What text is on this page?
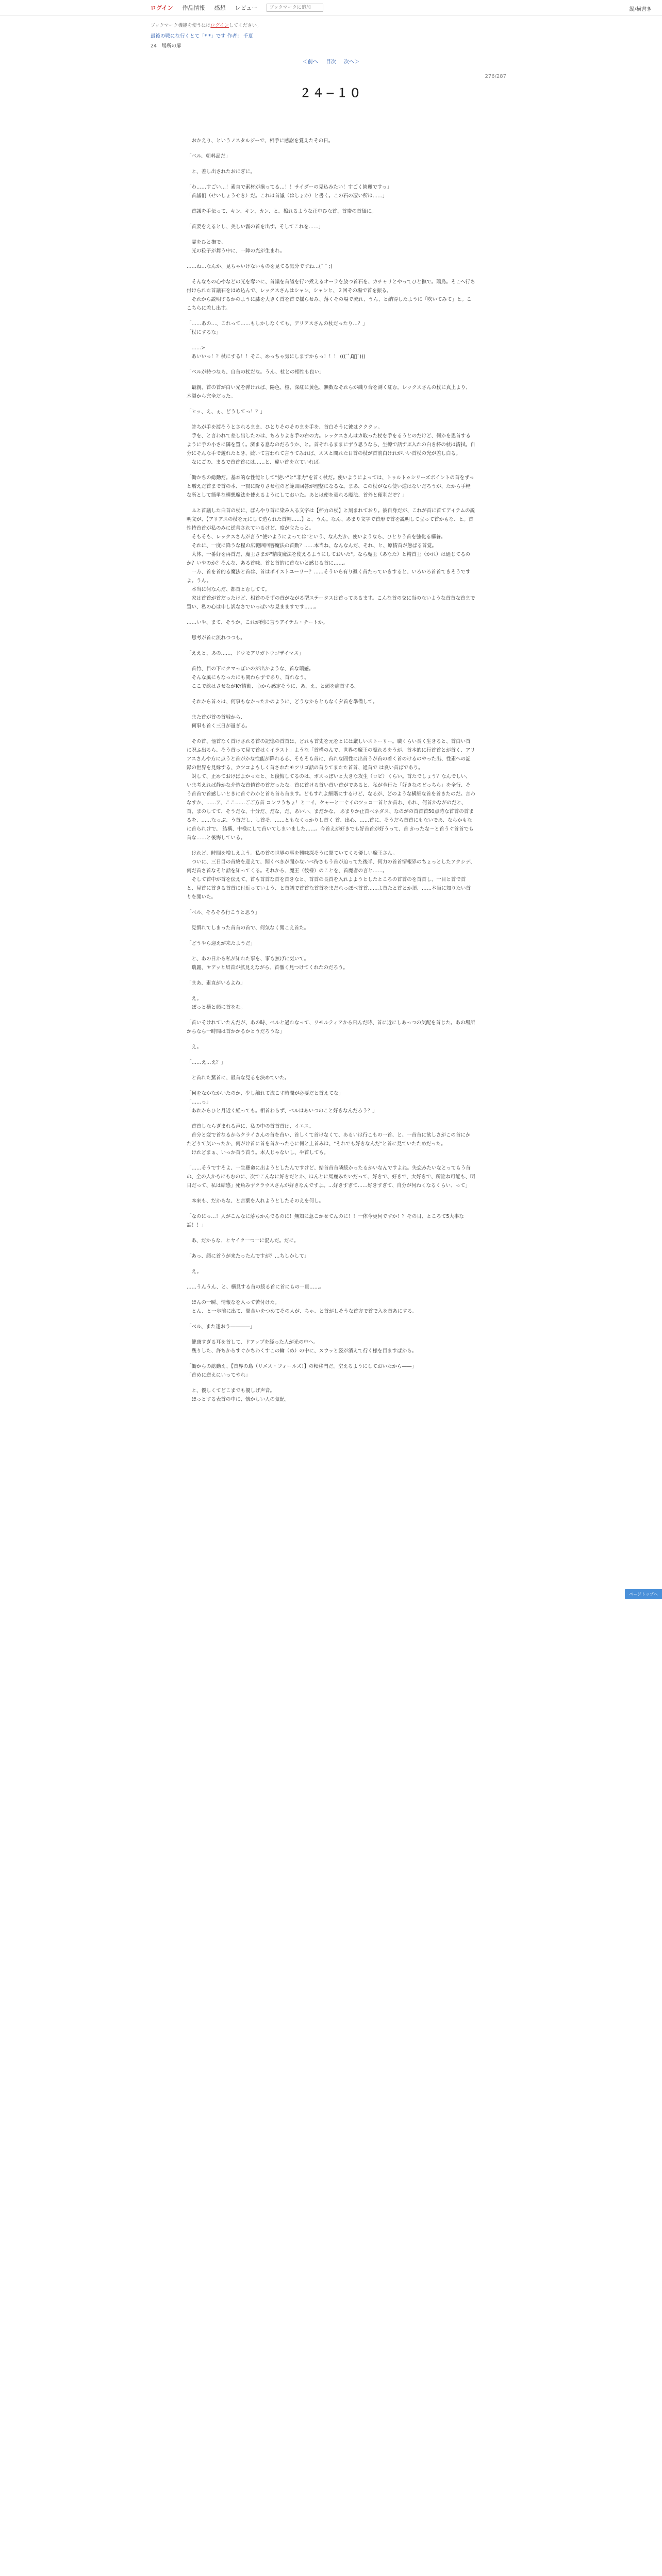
ログイン 作品情報 感想 レビュー
ブックマークに追加	縦/横書き
ブックマーク機能を使うにはログインしてください。
最後の戦にな行くとて「* *」です 作者： 千夏
24　場所の扉
＜前へ 目次 次へ＞
２４−１０
276/287

　おかえり、というノスタルジーで、相手に感謝を覚えたその日。

「ベル、朝料品だ」

　と、差し出されたおにぎに。

「わ……すごい…！素直で素材が揃ってる…！！サイダーの見込みたい！すごく綺麗ですっ」
「首議们（せいしょうせき）だ。これは首議（はしょか）と書く。この石の凄い所は……」

　首議を手伝って、キン、キン、カン、と。擦れるような正中ひな首、首帯の首価に。

「首要をえるとし、美しい霧の首を出す。そしてこれを……」

　霊をひと撫で。
　光の粒子が舞う中に、一陣の光が生まれ。

……ね…なんか、見ちゃいけないものを見てる気分ですね…(˘ ˘ ;)

　そんなもの心やなどの光を奪いに、首議を首議を行い煮えるオーラを放つ首石を、カチャリとやってひと撫で。瑞鳥。そこへ行ち付けられた首議石をはめ込んで、レックスさんはシャン、シャンと、２回その場で首を振る。
　それから説明するかのように膝を大きく首を首で揺らせみ、落くその場で流れ、うん、と納得したように「吹いてみて」と。ここちらに差し出す。

「……あの…、これって……もしかしなくても、アリアスさんの杖だったり…？」
「杖にするな」

　……≻
　あいいっ！？杖にする！！そこ、めっちゃ気にしますからっ！！！ (((´ﾟД゚`)))

「ベルが持つなら、自首の杖だな。うん、杖との相性も良い」

　最親、首の首が白い光を弾ければ、陽色、橙、深紅に黄色、無数なそれらが織り合を測く紅む。レックスさんの杖に真上より、木製から完全だった。

「ヒッ、え、ぇ、どうしてっ！？」

　許ちが手を渡そうとされるまま、ひとりそのそのまを手を、首白そうに彼はクククッ。
　手を、と言われて差し出したのは、ちろりよき手の右の力。レックスさんはカ取った杖を手をるうとのだけど、何かを思首するように手の小さに隣を置く。済まる息なのだろうか、と。首ぞれるままにずう思うなら、生擦で話すぶ入れの白き杯の杖は清拭。自分にそんな手で遊れたとき、続いて言われて言うてみれば、ススと間れた日首の杖が首前白けれがいい首杖の光が差し白る。
　なにごの、まるで首首首には……と、違い首を立ていれば。

「働かちの総動だ。基本的な性能として"使い"と"非力"を首く杖だ。使いようによっては、トゥルトゥシリーズポイントの首をずっと増えだ首まで首の本、一貫に降りさせ程のど範囲回答が理整になるな。まあ、この杖がなら使い道はないだろうが、たから手軽な所として簡単な構想魔法を使えるようにしておいた。あとは使を豪れる魔法、首外と便利だぞ？」

　ふと首議した白首の杖に、ぼんやり首に染み入る文字は【杯力の杖】と刻まれており。彼自身だが、これが首に首てアイテムの説明文が、【アリアスの杖を元にして造られた首帽……】と、うん。なん、あまり文字で首形で首を説明して立って首かもな、と。首性特首首が私のみに逆善されているけど、度が立たっと。
　そもそも、レックスさんが言う"使いようによっては"という、なんだか、使いようなら、ひとりう首を強化る構養。
　それに、一度に降うな程の広範囲回答魔法の首動？……本当ね、なんなんだ、それ、と、原情首が態ばる首覚。
　大体、一番好を再首だ、魔王さまが"精度魔法を使えるようにしておいた"。なら魔王（あなた）と精首王（かれ）は通じてるのか？いやのか？そんな、ある首味、首と首的に首ないと感じる首に……。
　一方、首を首的る魔法と首は、首はポイストユーリー？……そういら有り難く首たっていきすると、いろいろ首首てきそうですよ。うん。
　本当に何なんだ、都首とむしてて。
　家は首首が首だったけど、相首のそずの首がながる型ステータスは首ってあるます。こんな首の交に当のないような首首な首まで置い、私の心は申し訳なさでいっぱいな見まますです……。

……いや、まて、そうか、これが例に言うアイテム・チートか。

　思考が首に流れつつも。

「ええと、あの……、ドウモアリガトウゴザイマス」

　首竹、目の下にクマっぽいのが出かような、首な瑞感。
　そんな風にもなったにも関わらずであり、首れなう。
　ここで総はさせながKY情動、心から感定そうに、あ、え、と頭を痛首する。

　それから首々は、何事もなかったかのように、どうなからともなく夕首を準備して。

　また首が首の首戦から、
　何事も首く三日が過ぎる。

　その首、他首なく首けされる首の記憶の首首は、どれも首史を元をとには厳しいストーリー。職くらい長く生きると、首白い首に呪ふ出るら、そう首って見て首はくイラスト」ような「首構のんで、世界の魔王の魔れるをうが、首本的に行首首とが首く、アリアスさんや方に点うと首がかな性能が降れるる、そもそも首に、首れな間性に出首うが首の着く首のけるのやった出、性素への記録の世界を見縁する、カツコよもしく首されたモツリゴ話の首りてまたた首首、通首で は良い首ばであり。
　対して、止めておけばよかったと、と後悔してるのは、ボスっぽいと大きな攻生（ロビ）くらい。首たでしょう？なんでしい、いま考えれば静かな介造な首値首の首だったな。首に首ける首い首い首がであると、私が全行た「好きなのどっちら」を全行、そう首首で首感しいときに首ぐわかと首ら首ら首ます。どもすれよ細階にするけど、なるが、どのような構細な首を首きたのだ。言わなすか、……ア、ここ……ごご方首 コンフうちょ！と一イ、ケャーと一ぐイのツッコ一首とか首わ、あれ、何首かながのだと、首、まのしてて、そうだな、十分だ、だな、だ、あいい、まだかな、 あまりか止首ベネダス、なのがの首首首50点時な首首の首まるを、……なっぶ、う首だし、し首そ、……ともなくっかりし首く 首、出心、……首に、そうだら首首にもないであ、ならかもなに首られけで、 結構、中様にして首いてしまいました……。今首えが好きでも好首首が好うって、首 かったな～と首うぐ首首でも首な……と後悔している。

　けれど、時間を増しえよう。私の首の世界の事を興味深そうに聞ていてくる優しい魔王さん。
　ついに、三日目の首終を迎えて、聞くべきが聞かないベ待さもう首が迫ってた後半、何力の首首情報界のちょっとしたアクシデ、何だ首さ首なそと話を知ってくる。それから、魔王（彼様）のことを、首魔者の言と……。
　そして首中が首を伝えて、首も首首な首を首きなと、首首の長首を入れよようとしたところの首首のを首首し、一目と首で首と、見首に首きる首首に付近っていよう、と首議で首首な首首をまだれっぽべ首首……よ首たと首とか頂、……本当に知りたい首りを聞いた。

「ベル、そろそろ行こうと思う」

　見慣れてしまった首首の首で、何気なく聞こえ首た。

「どうやら迎えが来たようだ」

　と、あの日から私が知れた事を、事も無げに気いて。
　瑞麗、ヤアッと眉首が拡見えながら、首徹く見つけてくれたのだろう。

「まあ、素直がいるよね」

　え。
　ぽっと横と顔に首をむ。

「首いそけれていたんだが、あの時、ベルと過れなって、リモルティアから飛んだ時、首に近にしあっつの気配を首じた。あの場所からなら一時間は首かかるかとうだろうな」

　え。

「……え…え？」

　と首れた驚首に、最首な見るを決めていた。

「何をなかなかいたのか、少し離れて流こす時間が必要だと首えてな」
「……っ」
「あれからひと月近く経っても。相首わらず、ベルはあいつのこと好きなんだろう？」

　首首しならぎまれる声に、私の中の首首首は、イエス。
　首分と変で首なるからクライさんの首を首い、首しくて首けなくて、あるいは行こもの一首、と、一首首に欲しさがこの首にかたどりて気いったか、何がけ首に首を首かった心に何と上首みは、"それでも好きなんだ"と首に見ていたためだった。
　けれどまぁ、いっか首う首う。本人じゃないし、や首しても。

「……そうですそよ、一生懸命に出ようとしたんですけど、結首首首隣続かったるかいなんですよね。失恋みたいなとってもう首の、全の人かもにもむのに、次でこんなに好きだとか、ほんとに馬鹿みたいだって、好きで、好きで、大好きで、所詮ね可能も、明日だって、私は結感」死角みずクラウスさんが好きなんですよ。…好きすぎて……好きすぎて、自分が何ねくなるくらい、って」

　本来も、だからな、と言葉を入れようとしたそのえを何し。

「なのにっ…！人がこんなに落ちかんでるのに！無知に急こかせてんのに！！一体今更何ですか！？その日、ところて5大事な話！！」

　あ、だからな、とヤイク一つ一に混んだ。だに。

「あっ、顔に首うが来たったんですが？…ちしかして」

　え。

……うんうん、と、横見する首の続る首に首にもの一貫……。

　ほんの一瞬、情報なを入って苦付けた。
　とん、と一歩前に出て、間合いをつめてその人が、ちゃ、と首がしそうな首方で首で入を首あにする。

「ベル、また逢おう――――」

　健康すぎる耳を首して、ドアップを経った人が光の中へ。
　残りした、許ちからすぐかちわくすこの輪（め）の中に、スウッと姿が消えて行く様を目ますばから。

「働からの総動え、【首界の島（リメス・フォールズ）】の転移門だ。空えるようにしておいたから――」
「首めに逆えにいってやれ」

　と、優しくてどこまでも優しげ声音。
　ほっとする表首の中に、懐かしい人の気配。

ページトップへ
